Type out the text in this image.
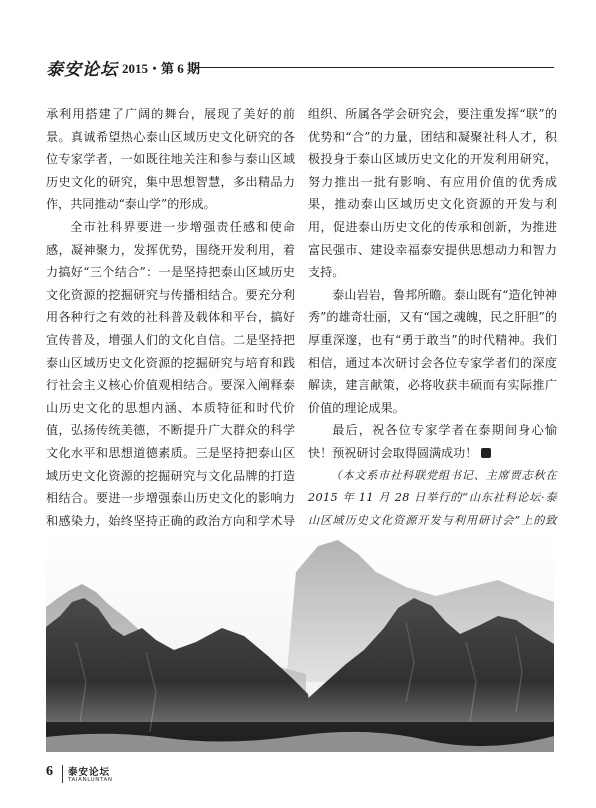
泰安论坛 2015・第 6 期

承利用搭建了广阔的舞台，展现了美好的前景。真诚希望热心泰山区域历史文化研究的各位专家学者，一如既往地关注和参与泰山区域历史文化的研究，集中思想智慧，多出精品力作，共同推动“泰山学”的形成。

全市社科界要进一步增强责任感和使命感，凝神聚力，发挥优势，围绕开发利用，着力搞好“三个结合”：一是坚持把泰山区域历史文化资源的挖掘研究与传播相结合。要充分利用各种行之有效的社科普及载体和平台，搞好宣传普及，增强人们的文化自信。二是坚持把泰山区域历史文化资源的挖掘研究与培育和践行社会主义核心价值观相结合。要深入阐释泰山历史文化的思想内涵、本质特征和时代价值，弘扬传统美德，不断提升广大群众的科学文化水平和思想道德素质。三是坚持把泰山区域历史文化资源的挖掘研究与文化品牌的打造相结合。要进一步增强泰山历史文化的影响力和感染力，始终坚持正确的政治方向和学术导

组织、所属各学会研究会，要注重发挥“联”的优势和“合”的力量，团结和凝聚社科人才，积极投身于泰山区域历史文化的开发利用研究，努力推出一批有影响、有应用价值的优秀成果，推动泰山区域历史文化资源的开发与利用，促进泰山历史文化的传承和创新，为推进富民强市、建设幸福泰安提供思想动力和智力支持。

泰山岩岩，鲁邦所瞻。泰山既有“造化钟神秀”的雄奇壮丽，又有“国之魂魄，民之肝胆”的厚重深邃，也有“勇于敢当”的时代精神。我们相信，通过本次研讨会各位专家学者们的深度解读，建言献策，必将收获丰硕而有实际推广价值的理论成果。

最后，祝各位专家学者在泰期间身心愉快！预祝研讨会取得圆满成功！

（本文系市社科联党组书记、主席贾志秋在 2015 年 11 月 28 日举行的“山东社科论坛·泰山区域历史文化资源开发与利用研讨会”上的致

6 泰安论坛
TAIANLUNTAN
